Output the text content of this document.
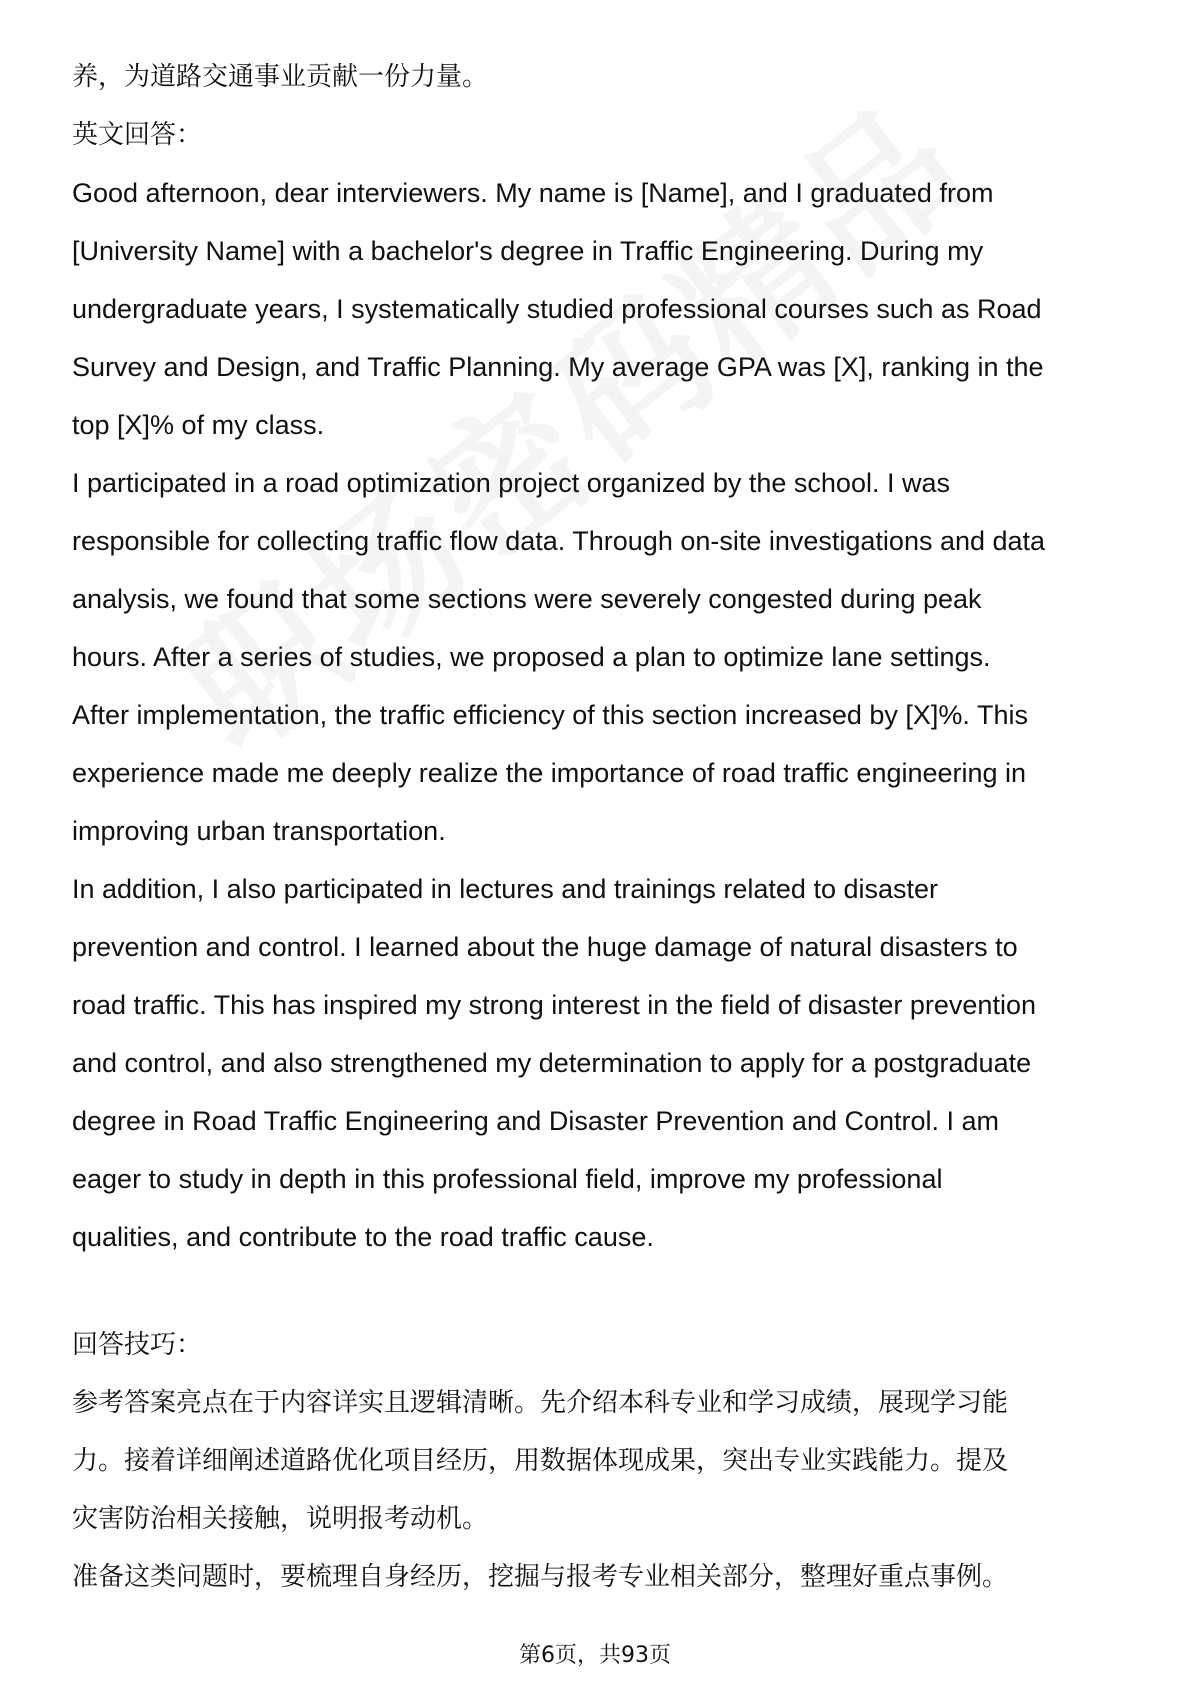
养，为道路交通事业贡献一份力量。

英文回答：

Good afternoon, dear interviewers. My name is [Name], and I graduated from

[University Name] with a bachelor's degree in Traffic Engineering. During my

undergraduate years, I systematically studied professional courses such as Road

Survey and Design, and Traffic Planning. My average GPA was [X], ranking in the

top [X]% of my class.

I participated in a road optimization project organized by the school. I was

responsible for collecting traffic flow data. Through on-site investigations and data

analysis, we found that some sections were severely congested during peak

hours. After a series of studies, we proposed a plan to optimize lane settings.

After implementation, the traffic efficiency of this section increased by [X]%. This

experience made me deeply realize the importance of road traffic engineering in

improving urban transportation.

In addition, I also participated in lectures and trainings related to disaster

prevention and control. I learned about the huge damage of natural disasters to

road traffic. This has inspired my strong interest in the field of disaster prevention

and control, and also strengthened my determination to apply for a postgraduate

degree in Road Traffic Engineering and Disaster Prevention and Control. I am

eager to study in depth in this professional field, improve my professional

qualities, and contribute to the road traffic cause.

回答技巧：

参考答案亮点在于内容详实且逻辑清晰。先介绍本科专业和学习成绩，展现学习能

力。接着详细阐述道路优化项目经历，用数据体现成果，突出专业实践能力。提及

灾害防治相关接触，说明报考动机。

准备这类问题时，要梳理自身经历，挖掘与报考专业相关部分，整理好重点事例。

第6页，共93页
